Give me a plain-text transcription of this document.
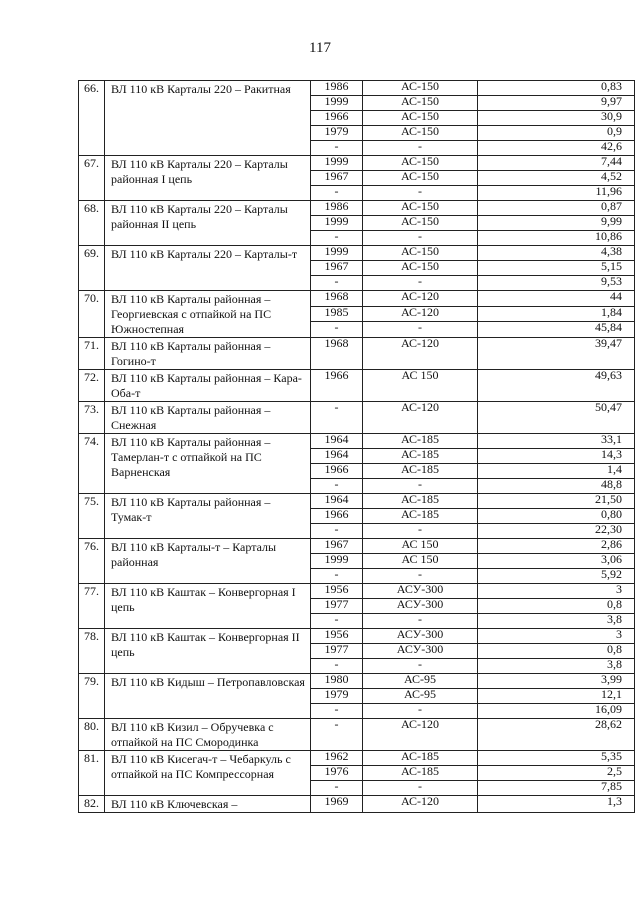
117
66.	ВЛ 110 кВ Карталы 220 – Ракитная	1986	АС-150	0,83
		1999	АС-150	9,97
		1966	АС-150	30,9
		1979	АС-150	0,9
		-	-	42,6
67.	ВЛ 110 кВ Карталы 220 – Карталы районная I цепь	1999	АС-150	7,44
		1967	АС-150	4,52
		-	-	11,96
68.	ВЛ 110 кВ Карталы 220 – Карталы районная II цепь	1986	АС-150	0,87
		1999	АС-150	9,99
		-	-	10,86
69.	ВЛ 110 кВ Карталы 220 – Карталы-т	1999	АС-150	4,38
		1967	АС-150	5,15
		-	-	9,53
70.	ВЛ 110 кВ Карталы районная – Георгиевская с отпайкой на ПС Южностепная	1968	АС-120	44
		1985	АС-120	1,84
		-	-	45,84
71.	ВЛ 110 кВ Карталы районная – Гогино-т	1968	АС-120	39,47
72.	ВЛ 110 кВ Карталы районная – Кара-Оба-т	1966	АС 150	49,63
73.	ВЛ 110 кВ Карталы районная – Снежная	-	АС-120	50,47
74.	ВЛ 110 кВ Карталы районная – Тамерлан-т с отпайкой на ПС Варненская	1964	АС-185	33,1
		1964	АС-185	14,3
		1966	АС-185	1,4
		-	-	48,8
75.	ВЛ 110 кВ Карталы районная – Тумак-т	1964	АС-185	21,50
		1966	АС-185	0,80
		-	-	22,30
76.	ВЛ 110 кВ Карталы-т – Карталы районная	1967	АС 150	2,86
		1999	АС 150	3,06
		-	-	5,92
77.	ВЛ 110 кВ Каштак – Конвергорная I цепь	1956	АСУ-300	3
		1977	АСУ-300	0,8
		-	-	3,8
78.	ВЛ 110 кВ Каштак – Конвергорная II цепь	1956	АСУ-300	3
		1977	АСУ-300	0,8
		-	-	3,8
79.	ВЛ 110 кВ Кидыш – Петропавловская	1980	АС-95	3,99
		1979	АС-95	12,1
		-	-	16,09
80.	ВЛ 110 кВ Кизил – Обручевка с отпайкой на ПС Смородинка	-	АС-120	28,62
81.	ВЛ 110 кВ Кисегач-т – Чебаркуль с отпайкой на ПС Компрессорная	1962	АС-185	5,35
		1976	АС-185	2,5
		-	-	7,85
82.	ВЛ 110 кВ Ключевская –	1969	АС-120	1,3
